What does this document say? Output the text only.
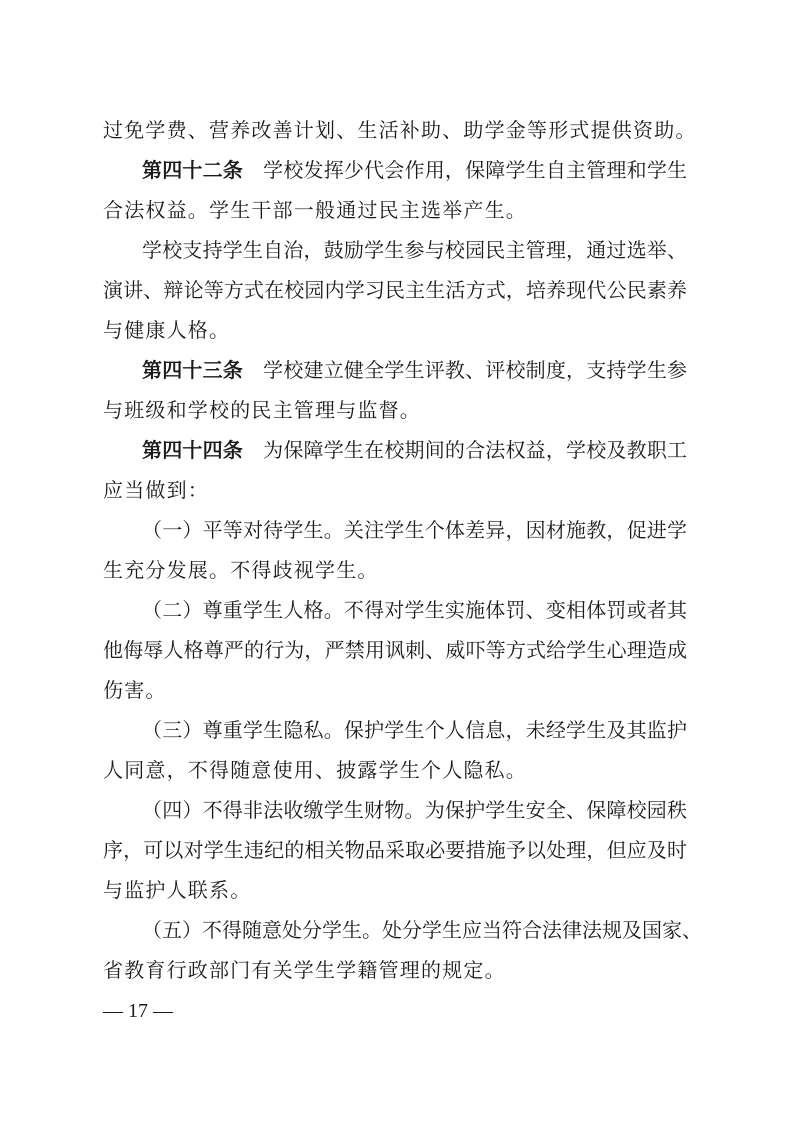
过免学费、营养改善计划、生活补助、助学金等形式提供资助。
第四十二条 学校发挥少代会作用，保障学生自主管理和学生
合法权益。学生干部一般通过民主选举产生。
学校支持学生自治，鼓励学生参与校园民主管理，通过选举、
演讲、辩论等方式在校园内学习民主生活方式，培养现代公民素养
与健康人格。
第四十三条 学校建立健全学生评教、评校制度，支持学生参
与班级和学校的民主管理与监督。
第四十四条 为保障学生在校期间的合法权益，学校及教职工
应当做到：
（一）平等对待学生。关注学生个体差异，因材施教，促进学
生充分发展。不得歧视学生。
（二）尊重学生人格。不得对学生实施体罚、变相体罚或者其
他侮辱人格尊严的行为，严禁用讽刺、威吓等方式给学生心理造成
伤害。
（三）尊重学生隐私。保护学生个人信息，未经学生及其监护
人同意，不得随意使用、披露学生个人隐私。
（四）不得非法收缴学生财物。为保护学生安全、保障校园秩
序，可以对学生违纪的相关物品采取必要措施予以处理，但应及时
与监护人联系。
（五）不得随意处分学生。处分学生应当符合法律法规及国家、
省教育行政部门有关学生学籍管理的规定。
— 17 —
